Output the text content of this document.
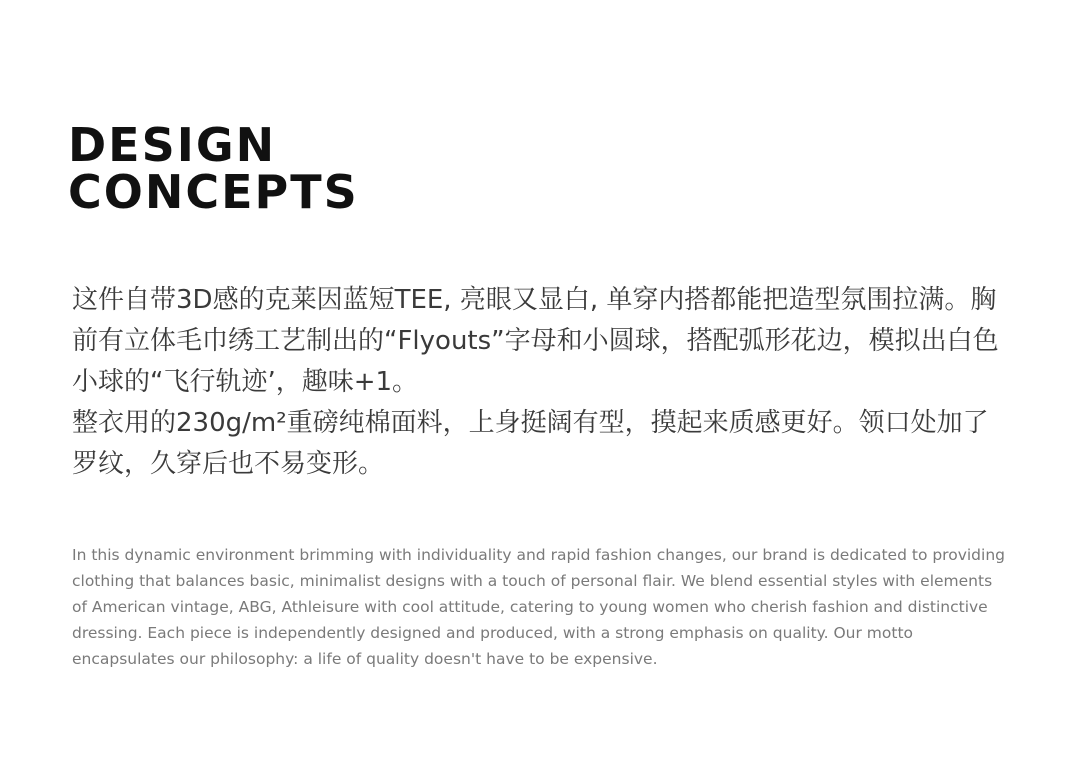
DESIGN
CONCEPTS

这件自带3D感的克莱因蓝短TEE, 亮眼又显白, 单穿内搭都能把造型氛围拉满。胸前有立体毛巾绣工艺制出的“Flyouts”字母和小圆球，搭配弧形花边，模拟出白色小球的“飞行轨迹’，趣味+1。

整衣用的230g/m²重磅纯棉面料，上身挺阔有型，摸起来质感更好。领口处加了罗纹，久穿后也不易变形。

In this dynamic environment brimming with individuality and rapid fashion changes, our brand is dedicated to providing clothing that balances basic, minimalist designs with a touch of personal flair. We blend essential styles with elements of American vintage, ABG, Athleisure with cool attitude, catering to young women who cherish fashion and distinctive dressing. Each piece is independently designed and produced, with a strong emphasis on quality. Our motto encapsulates our philosophy: a life of quality doesn't have to be expensive.
